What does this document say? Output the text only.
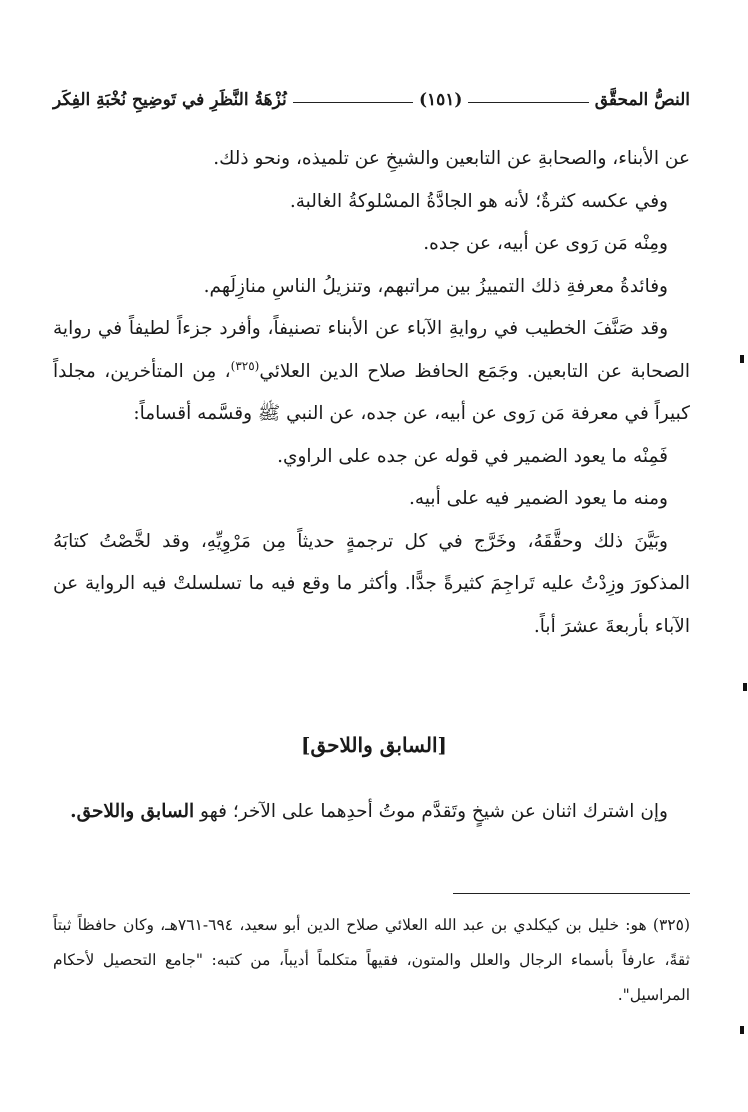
النصُّ المحقَّق
(١٥١)
نُزْهَةُ النَّظَرِ في تَوضِيحِ نُخْبَةِ الفِكَر

عن الأبناء، والصحابةِ عن التابعين والشيخِ عن تلميذه، ونحو ذلك.

وفي عكسه كثرةٌ؛ لأنه هو الجادَّةُ المسْلوكةُ الغالبة.

ومِنْه مَن رَوى عن أبيه، عن جده.

وفائدةُ معرفةِ ذلك التمييزُ بين مراتبهم، وتنزيلُ الناسِ منازِلَهم.

وقد صَنَّفَ الخطيب في روايةِ الآباء عن الأبناء تصنيفاً، وأفرد جزءاً لطيفاً في رواية الصحابة عن التابعين. وجَمَع الحافظ صلاح الدين العلائي$^{(٣٢٥)}$، مِن المتأخرين، مجلداً كبيراً في معرفة مَن رَوى عن أبيه، عن جده، عن النبي ﷺ وقسَّمه أقساماً:

فَمِنْه ما يعود الضمير في قوله عن جده على الراوي.

ومنه ما يعود الضمير فيه على أبيه.

وبَيَّنَ ذلك وحقَّقَهُ، وخَرَّج في كل ترجمةٍ حديثاً مِن مَرْوِيِّهِ، وقد لخَّصْتُ كتابَهُ المذكورَ وزِدْتُ عليه تَراجِمَ كثيرةً جدًّا. وأكثر ما وقع فيه ما تسلسلتْ فيه الرواية عن الآباء بأربعةَ عشرَ أباً.

[السابق واللاحق]

وإن اشترك اثنان عن شيخٍ وتَقدَّم موتُ أحدِهما على الآخر؛ فهو السابق واللاحق.

(٣٢٥) هو: خليل بن كيكلدي بن عبد الله العلائي صلاح الدين أبو سعيد، ٦٩٤-٧٦١هـ، وكان حافظاً ثبتاً ثقةً، عارفاً بأسماء الرجال والعلل والمتون، فقيهاً متكلماً أديباً، من كتبه: "جامع التحصيل لأحكام المراسيل".
